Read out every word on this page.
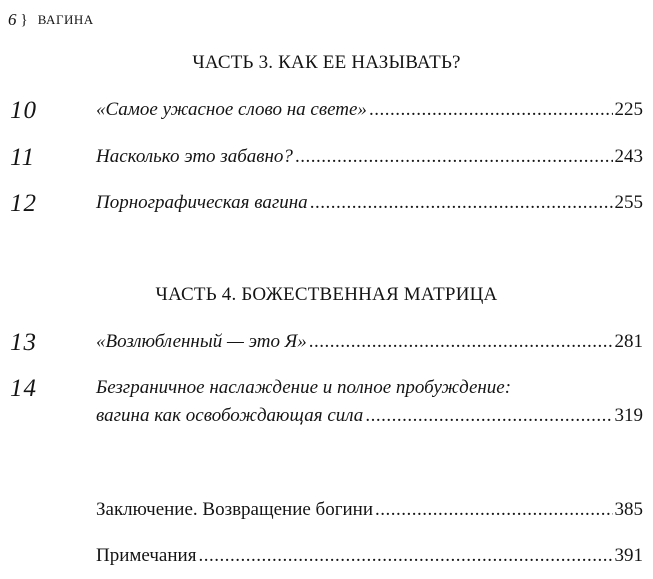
6 } ВАГИНА
ЧАСТЬ 3. КАК ЕЕ НАЗЫВАТЬ?
10	«Самое ужасное слово на свете» .....	225
11	Насколько это забавно? .....	243
12	Порнографическая вагина .....	255
ЧАСТЬ 4. БОЖЕСТВЕННАЯ МАТРИЦА
13	«Возлюбленный — это Я» .....	281
14	Безграничное наслаждение и полное пробуждение:
вагина как освобождающая сила .....	319
Заключение. Возвращение богини .....	385
Примечания .....	391
